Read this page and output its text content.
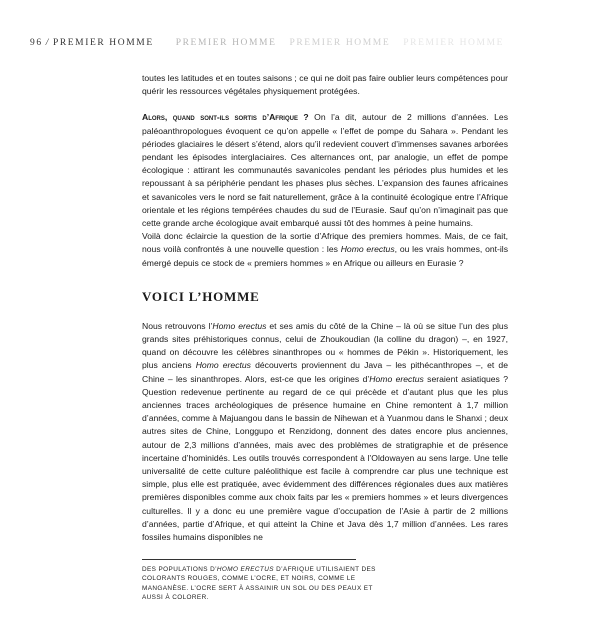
96 / PREMIER HOMME PREMIER HOMME PREMIER HOMME PREMIER HOMME

toutes les latitudes et en toutes saisons ; ce qui ne doit pas faire oublier leurs compétences pour quérir les ressources végétales physiquement protégées.

Alors, quand sont-ils sortis d’Afrique ? On l’a dit, autour de 2 millions d’années. Les paléoanthropologues évoquent ce qu’on appelle « l’effet de pompe du Sahara ». Pendant les périodes glaciaires le désert s’étend, alors qu’il redevient couvert d’immenses savanes arborées pendant les épisodes interglaciaires. Ces alternances ont, par analogie, un effet de pompe écologique : attirant les communautés savanicoles pendant les périodes plus humides et les repoussant à sa périphérie pendant les phases plus sèches. L’expansion des faunes africaines et savanicoles vers le nord se fait naturellement, grâce à la continuité écologique entre l’Afrique orientale et les régions tempérées chaudes du sud de l’Eurasie. Sauf qu’on n’imaginait pas que cette grande arche écologique avait embarqué aussi tôt des hommes à peine humains.

Voilà donc éclaircie la question de la sortie d’Afrique des premiers hommes. Mais, de ce fait, nous voilà confrontés à une nouvelle question : les Homo erectus, ou les vrais hommes, ont-ils émergé depuis ce stock de « premiers hommes » en Afrique ou ailleurs en Eurasie ?

VOICI L’HOMME

Nous retrouvons l’Homo erectus et ses amis du côté de la Chine – là où se situe l’un des plus grands sites préhistoriques connus, celui de Zhoukoudian (la colline du dragon) –, en 1927, quand on découvre les célèbres sinanthropes ou « hommes de Pékin ». Historiquement, les plus anciens Homo erectus découverts proviennent du Java – les pithécanthropes –, et de Chine – les sinanthropes. Alors, est-ce que les origines d’Homo erectus seraient asiatiques ? Question redevenue pertinente au regard de ce qui précède et d’autant plus que les plus anciennes traces archéologiques de présence humaine en Chine remontent à 1,7 million d’années, comme à Majuangou dans le bassin de Nihewan et à Yuanmou dans le Shanxi ; deux autres sites de Chine, Longgupo et Renzidong, donnent des dates encore plus anciennes, autour de 2,3 millions d’années, mais avec des problèmes de stratigraphie et de présence incertaine d’hominidés. Les outils trouvés correspondent à l’Oldowayen au sens large. Une telle universalité de cette culture paléolithique est facile à comprendre car plus une technique est simple, plus elle est pratiquée, avec évidemment des différences régionales dues aux matières premières disponibles comme aux choix faits par les « premiers hommes » et leurs divergences culturelles. Il y a donc eu une première vague d’occupation de l’Asie à partir de 2 millions d’années, partie d’Afrique, et qui atteint la Chine et Java dès 1,7 million d’années. Les rares fossiles humains disponibles ne

DES POPULATIONS D’HOMO ERECTUS D’AFRIQUE UTILISAIENT DES COLORANTS ROUGES, COMME L’OCRE, ET NOIRS, COMME LE MANGANÈSE. L’OCRE SERT À ASSAINIR UN SOL OU DES PEAUX ET AUSSI À COLORER.
